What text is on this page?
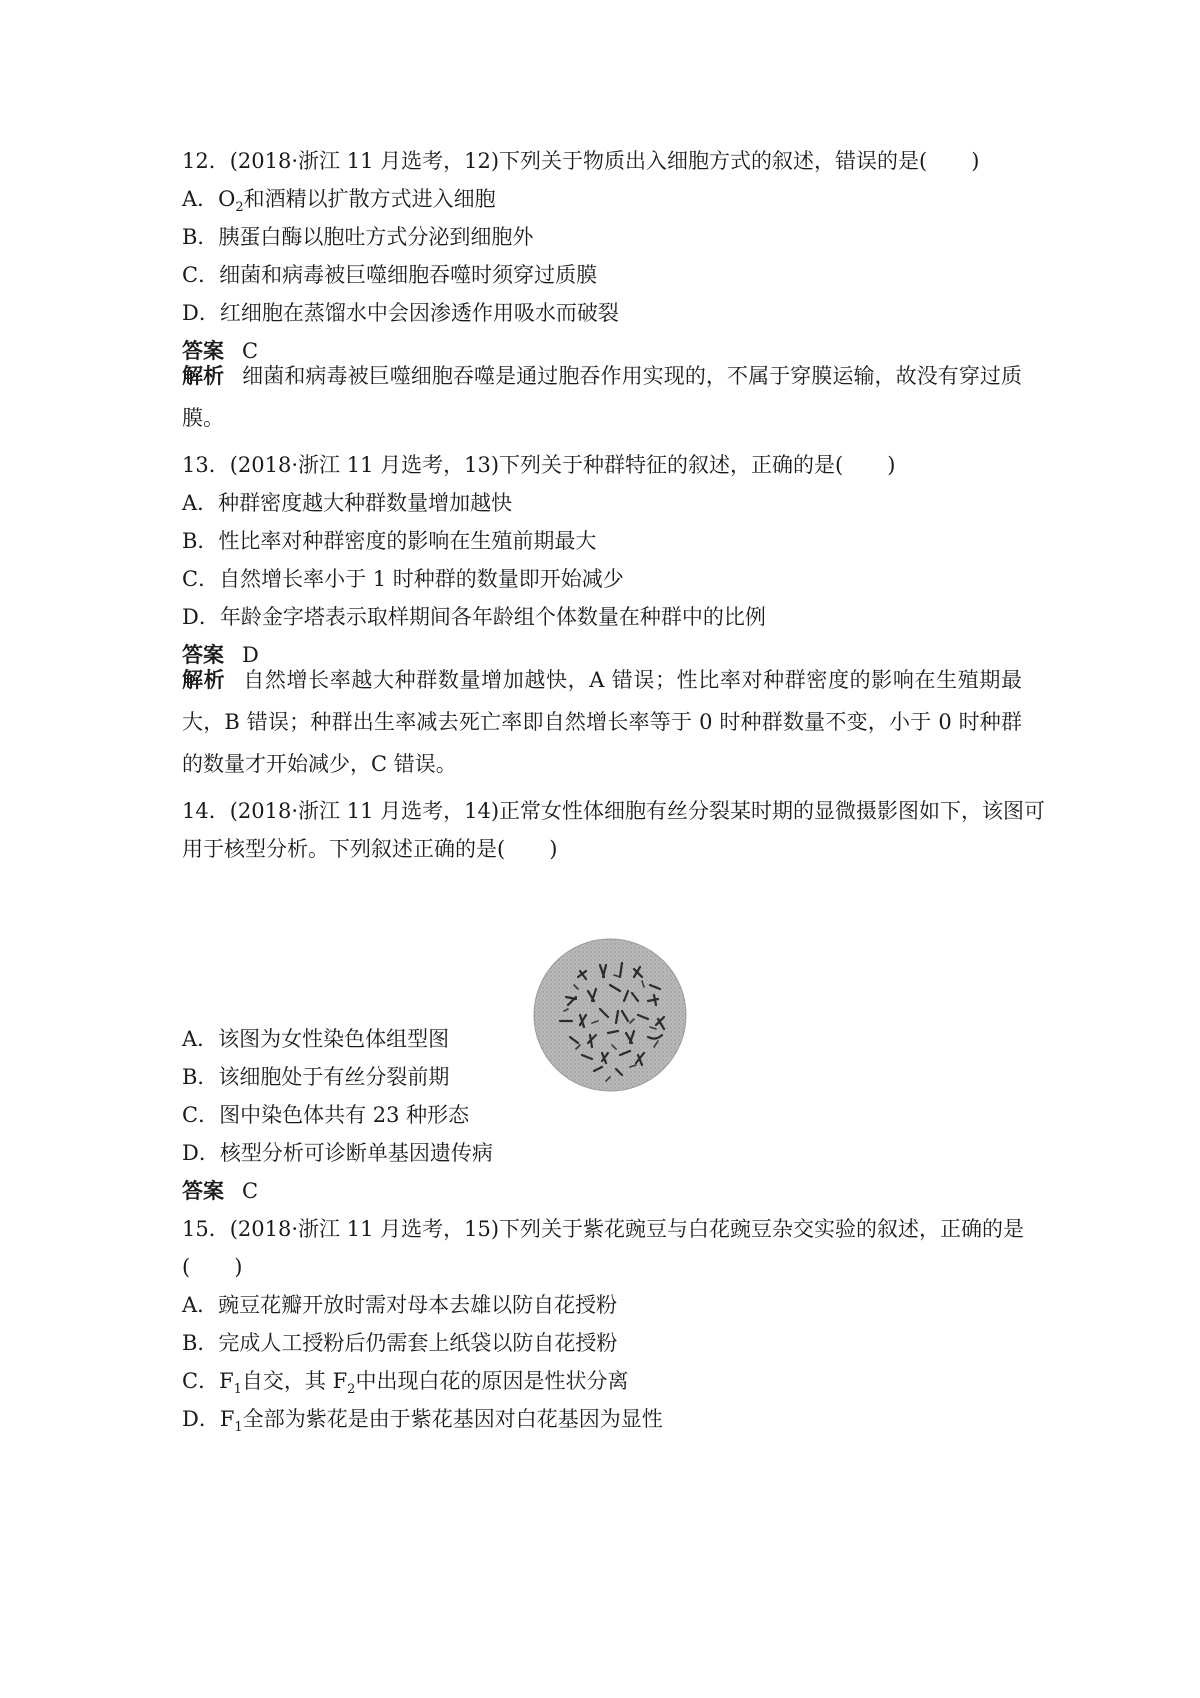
12．(2018·浙江 11 月选考，12)下列关于物质出入细胞方式的叙述，错误的是( )
A．$O_2$和酒精以扩散方式进入细胞
B．胰蛋白酶以胞吐方式分泌到细胞外
C．细菌和病毒被巨噬细胞吞噬时须穿过质膜
D．红细胞在蒸馏水中会因渗透作用吸水而破裂
答案 C
解析 细菌和病毒被巨噬细胞吞噬是通过胞吞作用实现的，不属于穿膜运输，故没有穿过质膜。
13．(2018·浙江 11 月选考，13)下列关于种群特征的叙述，正确的是( )
A．种群密度越大种群数量增加越快
B．性比率对种群密度的影响在生殖前期最大
C．自然增长率小于 1 时种群的数量即开始减少
D．年龄金字塔表示取样期间各年龄组个体数量在种群中的比例
答案 D
解析 自然增长率越大种群数量增加越快，A 错误；性比率对种群密度的影响在生殖期最大，B 错误；种群出生率减去死亡率即自然增长率等于 0 时种群数量不变，小于 0 时种群的数量才开始减少，C 错误。
14．(2018·浙江 11 月选考，14)正常女性体细胞有丝分裂某时期的显微摄影图如下，该图可
用于核型分析。下列叙述正确的是( )
A．该图为女性染色体组型图
B．该细胞处于有丝分裂前期
C．图中染色体共有 23 种形态
D．核型分析可诊断单基因遗传病
答案 C
15．(2018·浙江 11 月选考，15)下列关于紫花豌豆与白花豌豆杂交实验的叙述，正确的是
( )
A．豌豆花瓣开放时需对母本去雄以防自花授粉
B．完成人工授粉后仍需套上纸袋以防自花授粉
C．$F_1$自交，其 $F_2$中出现白花的原因是性状分离
D．$F_1$全部为紫花是由于紫花基因对白花基因为显性
